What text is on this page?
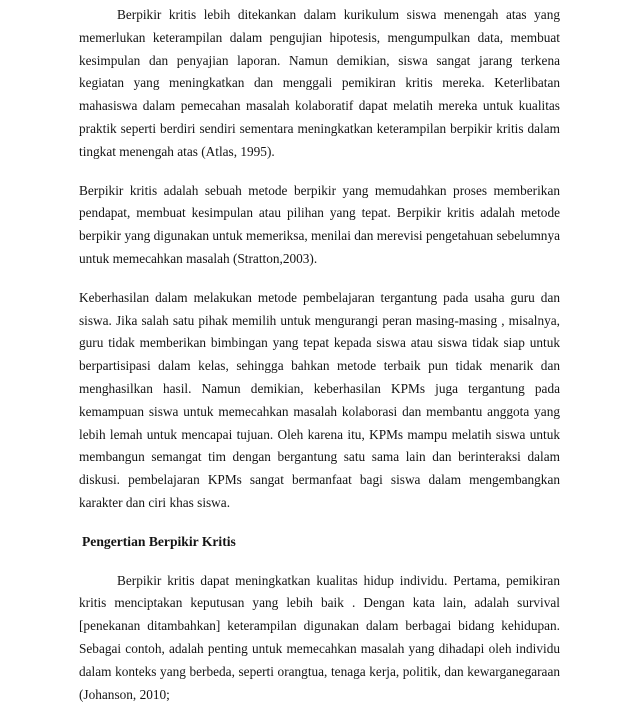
Berpikir kritis lebih ditekankan dalam kurikulum siswa menengah atas yang memerlukan keterampilan dalam pengujian hipotesis, mengumpulkan data, membuat kesimpulan dan penyajian laporan. Namun demikian, siswa sangat jarang terkena kegiatan yang meningkatkan dan menggali pemikiran kritis mereka. Keterlibatan mahasiswa dalam pemecahan masalah kolaboratif dapat melatih mereka untuk kualitas praktik seperti berdiri sendiri sementara meningkatkan keterampilan berpikir kritis dalam tingkat menengah atas (Atlas, 1995).

Berpikir kritis adalah sebuah metode berpikir yang memudahkan proses memberikan pendapat, membuat kesimpulan atau pilihan yang tepat. Berpikir kritis adalah metode berpikir yang digunakan untuk memeriksa, menilai dan merevisi pengetahuan sebelumnya untuk memecahkan masalah (Stratton,2003).

Keberhasilan dalam melakukan metode pembelajaran tergantung pada usaha guru dan siswa. Jika salah satu pihak memilih untuk mengurangi peran masing-masing , misalnya, guru tidak memberikan bimbingan yang tepat kepada siswa atau siswa tidak siap untuk berpartisipasi dalam kelas, sehingga bahkan metode terbaik pun tidak menarik dan menghasilkan hasil. Namun demikian, keberhasilan KPMs juga tergantung pada kemampuan siswa untuk memecahkan masalah kolaborasi dan membantu anggota yang lebih lemah untuk mencapai tujuan. Oleh karena itu, KPMs mampu melatih siswa untuk membangun semangat tim dengan bergantung satu sama lain dan berinteraksi dalam diskusi. pembelajaran KPMs sangat bermanfaat bagi siswa dalam mengembangkan karakter dan ciri khas siswa.

Pengertian Berpikir Kritis

Berpikir kritis dapat meningkatkan kualitas hidup individu. Pertama, pemikiran kritis menciptakan keputusan yang lebih baik . Dengan kata lain, adalah survival [penekanan ditambahkan] keterampilan digunakan dalam berbagai bidang kehidupan. Sebagai contoh, adalah penting untuk memecahkan masalah yang dihadapi oleh individu dalam konteks yang berbeda, seperti orangtua, tenaga kerja, politik, dan kewarganegaraan (Johanson, 2010;
